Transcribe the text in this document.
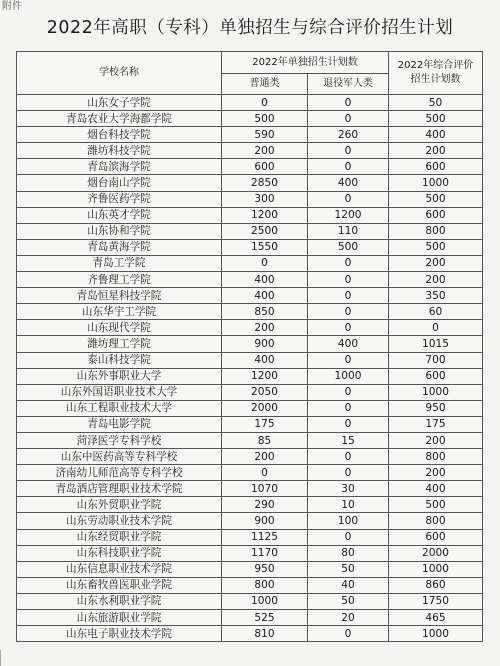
附件
2022年高职（专科）单独招生与综合评价招生计划
学校名称	2022年单独招生计划数		2022年综合评价
招生计划数
	普通类	退役军人类	
山东女子学院	0	0	50
青岛农业大学海都学院	500	0	500
烟台科技学院	590	260	400
潍坊科技学院	200	0	200
青岛滨海学院	600	0	600
烟台南山学院	2850	400	1000
齐鲁医药学院	300	0	500
山东英才学院	1200	1200	600
山东协和学院	2500	110	800
青岛黄海学院	1550	500	500
青岛工学院	0	0	200
齐鲁理工学院	400	0	200
青岛恒星科技学院	400	0	350
山东华宇工学院	850	0	60
山东现代学院	200	0	0
潍坊理工学院	900	400	1015
泰山科技学院	400	0	700
山东外事职业大学	1200	1000	600
山东外国语职业技术大学	2050	0	1000
山东工程职业技术大学	2000	0	950
青岛电影学院	175	0	175
菏泽医学专科学校	85	15	200
山东中医药高等专科学校	200	0	800
济南幼儿师范高等专科学校	0	0	200
青岛酒店管理职业技术学院	1070	30	400
山东外贸职业学院	290	10	500
山东劳动职业技术学院	900	100	800
山东经贸职业学院	1125	0	600
山东科技职业学院	1170	80	2000
山东信息职业技术学院	950	50	1000
山东畜牧兽医职业学院	800	40	860
山东水利职业学院	1000	50	1750
山东旅游职业学院	525	20	465
山东电子职业技术学院	810	0	1000
